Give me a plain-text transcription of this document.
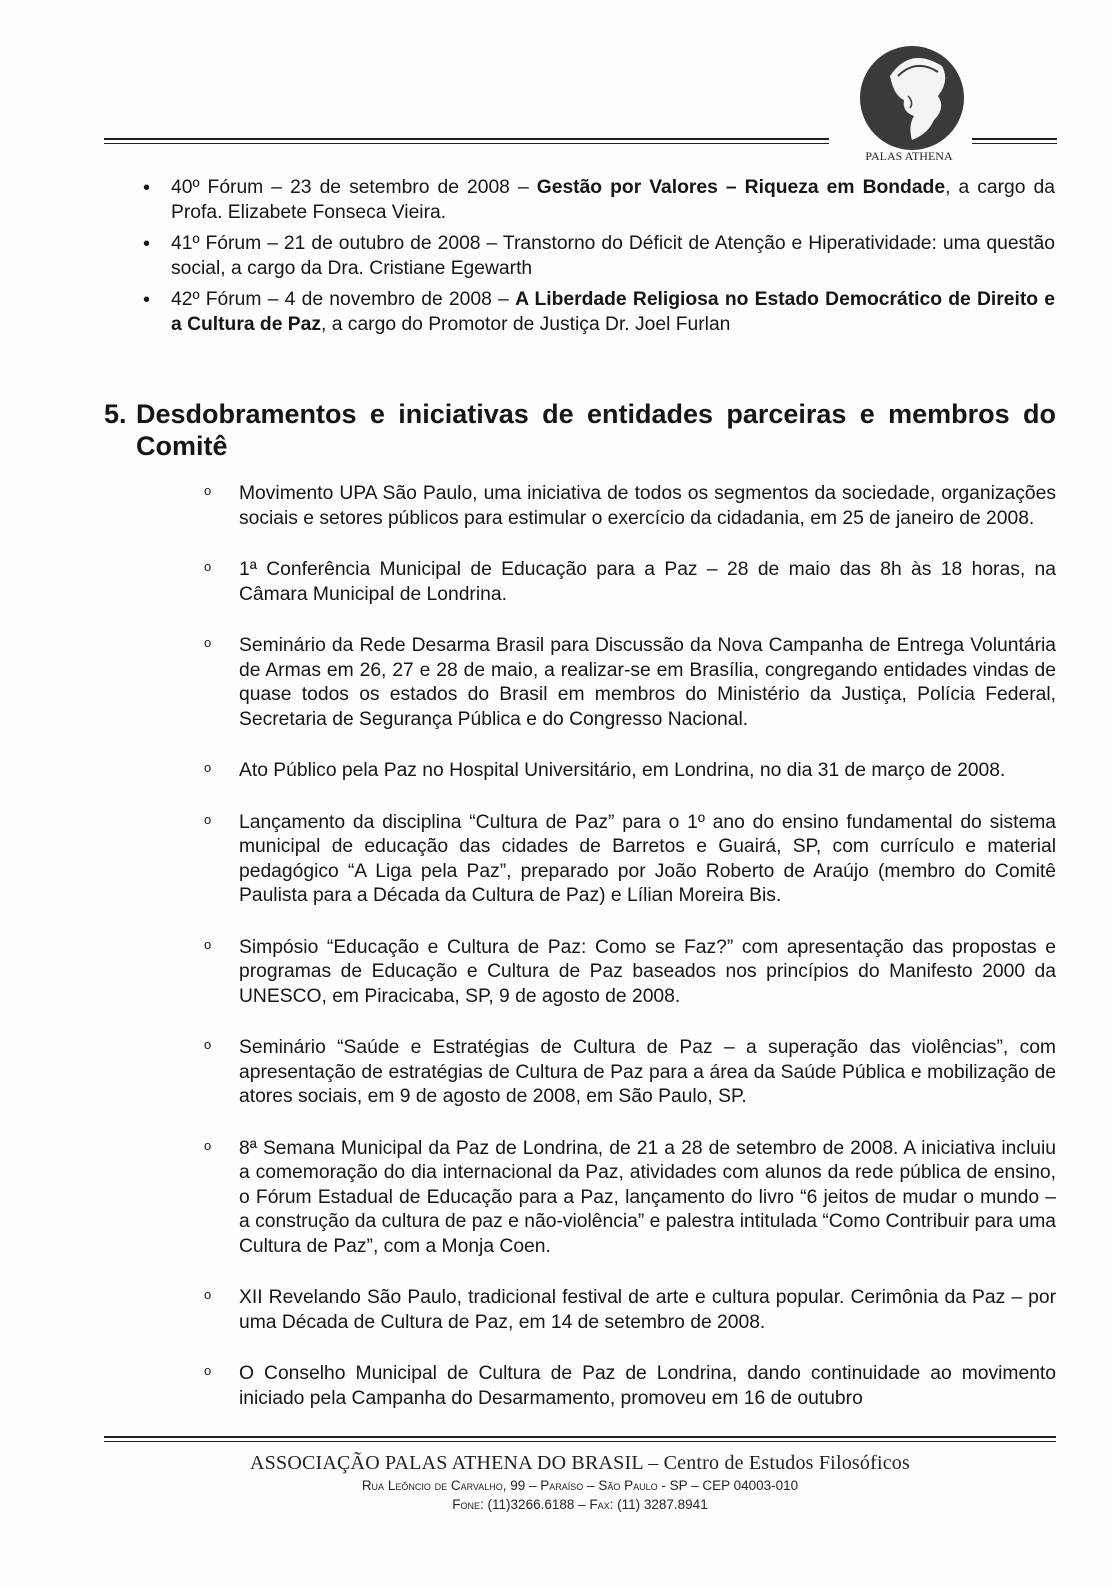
PALAS ATHENA
• 40º Fórum – 23 de setembro de 2008 – Gestão por Valores – Riqueza em Bondade, a cargo da Profa. Elizabete Fonseca Vieira.
• 41º Fórum – 21 de outubro de 2008 – Transtorno do Déficit de Atenção e Hiperatividade: uma questão social, a cargo da Dra. Cristiane Egewarth
• 42º Fórum – 4 de novembro de 2008 – A Liberdade Religiosa no Estado Democrático de Direito e a Cultura de Paz, a cargo do Promotor de Justiça Dr. Joel Furlan
5. Desdobramentos e iniciativas de entidades parceiras e membros do Comitê
o Movimento UPA São Paulo, uma iniciativa de todos os segmentos da sociedade, organizações sociais e setores públicos para estimular o exercício da cidadania, em 25 de janeiro de 2008.
o 1ª Conferência Municipal de Educação para a Paz – 28 de maio das 8h às 18 horas, na Câmara Municipal de Londrina.
o Seminário da Rede Desarma Brasil para Discussão da Nova Campanha de Entrega Voluntária de Armas em 26, 27 e 28 de maio, a realizar-se em Brasília, congregando entidades vindas de quase todos os estados do Brasil em membros do Ministério da Justiça, Polícia Federal, Secretaria de Segurança Pública e do Congresso Nacional.
o Ato Público pela Paz no Hospital Universitário, em Londrina, no dia 31 de março de 2008.
o Lançamento da disciplina “Cultura de Paz” para o 1º ano do ensino fundamental do sistema municipal de educação das cidades de Barretos e Guairá, SP, com currículo e material pedagógico “A Liga pela Paz”, preparado por João Roberto de Araújo (membro do Comitê Paulista para a Década da Cultura de Paz) e Lílian Moreira Bis.
o Simpósio “Educação e Cultura de Paz: Como se Faz?” com apresentação das propostas e programas de Educação e Cultura de Paz baseados nos princípios do Manifesto 2000 da UNESCO, em Piracicaba, SP, 9 de agosto de 2008.
o Seminário “Saúde e Estratégias de Cultura de Paz – a superação das violências”, com apresentação de estratégias de Cultura de Paz para a área da Saúde Pública e mobilização de atores sociais, em 9 de agosto de 2008, em São Paulo, SP.
o 8ª Semana Municipal da Paz de Londrina, de 21 a 28 de setembro de 2008. A iniciativa incluiu a comemoração do dia internacional da Paz, atividades com alunos da rede pública de ensino, o Fórum Estadual de Educação para a Paz, lançamento do livro “6 jeitos de mudar o mundo – a construção da cultura de paz e não-violência” e palestra intitulada “Como Contribuir para uma Cultura de Paz”, com a Monja Coen.
o XII Revelando São Paulo, tradicional festival de arte e cultura popular. Cerimônia da Paz – por uma Década de Cultura de Paz, em 14 de setembro de 2008.
o O Conselho Municipal de Cultura de Paz de Londrina, dando continuidade ao movimento iniciado pela Campanha do Desarmamento, promoveu em 16 de outubro
ASSOCIAÇÃO PALAS ATHENA DO BRASIL – Centro de Estudos Filosóficos
Rua Leôncio de Carvalho, 99 – Paraíso – São Paulo - SP – CEP 04003-010
Fone: (11)3266.6188 – Fax: (11) 3287.8941
